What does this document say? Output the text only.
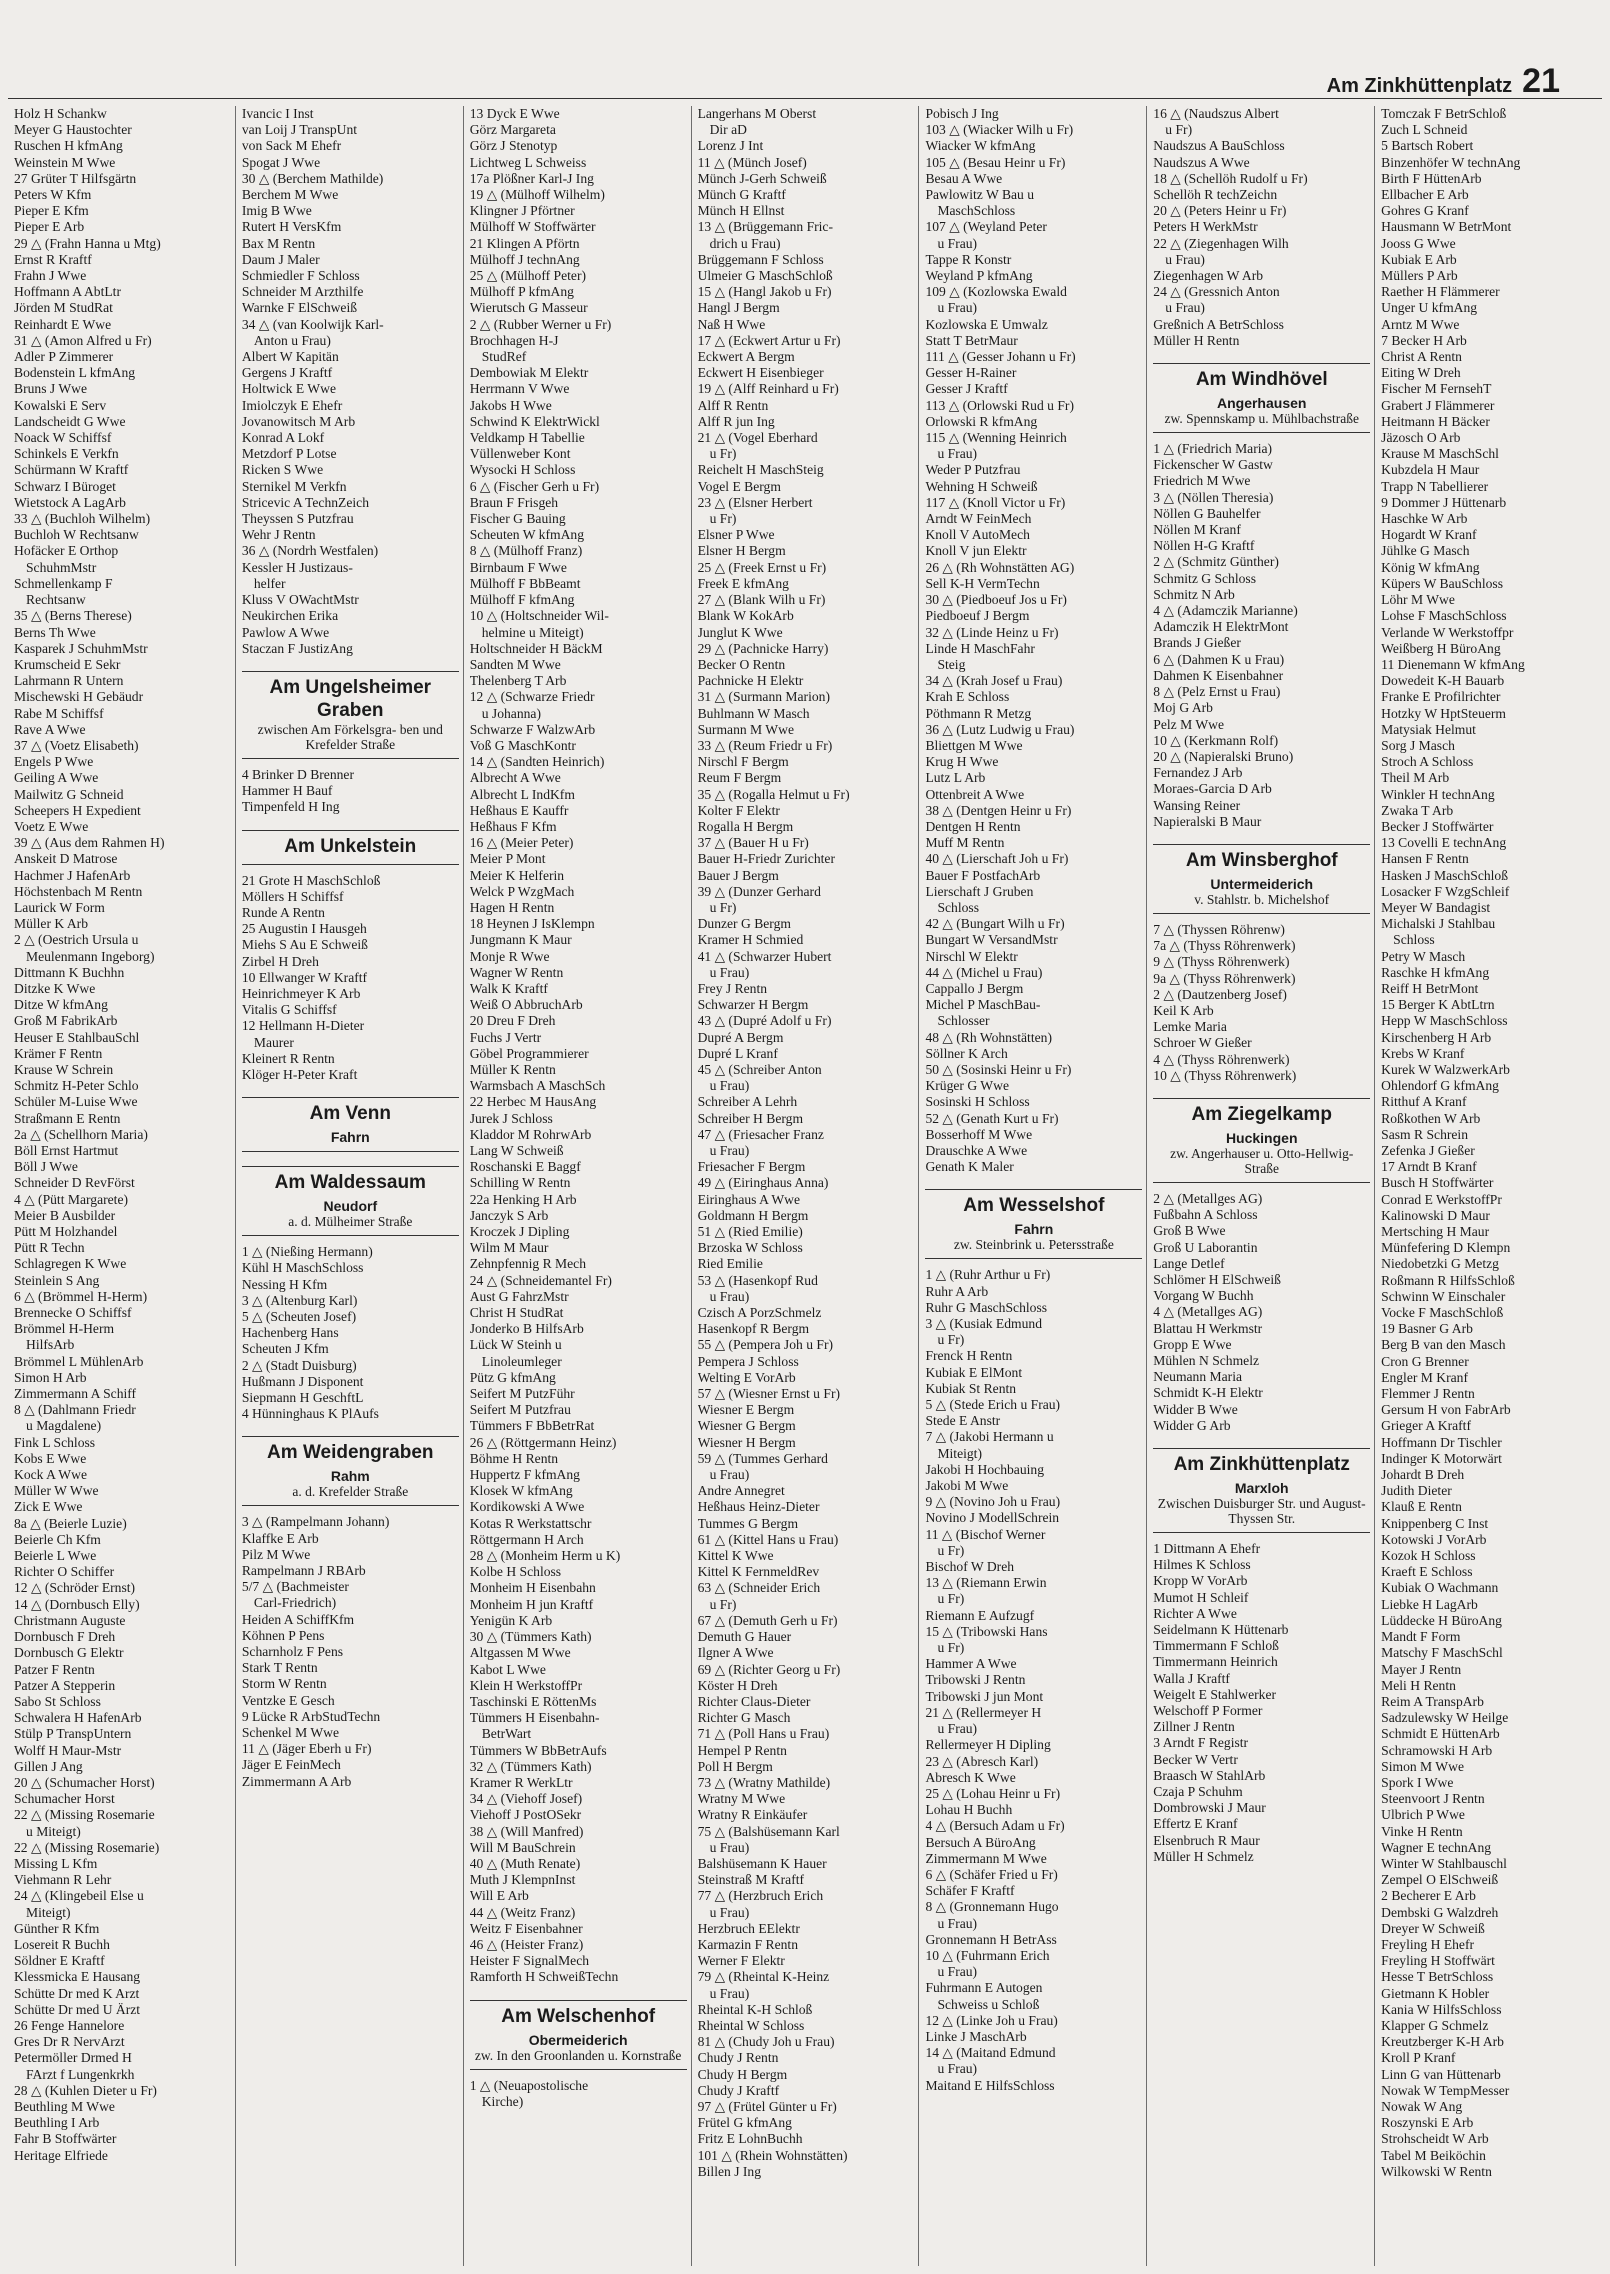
Am Zinkhüttenplatz 21
Holz H Schankw
Meyer G Haustochter
Ruschen H kfmAng
Weinstein M Wwe
27 Grüter T Hilfsgärtn
Peters W Kfm
Pieper E Kfm
Pieper E Arb
29 △ (Frahn Hanna u Mtg)
Ernst R Kraftf
Frahn J Wwe
Hoffmann A AbtLtr
Jörden M StudRat
Reinhardt E Wwe
31 △ (Amon Alfred u Fr)
Adler P Zimmerer
Bodenstein L kfmAng
Bruns J Wwe
Kowalski E Serv
Landscheidt G Wwe
Noack W Schiffsf
Schinkels E Verkfn
Schürmann W Kraftf
Schwarz I Büroget
Wietstock A LagArb
33 △ (Buchloh Wilhelm)
Buchloh W Rechtsanw
Hofäcker E Orthop
SchuhmMstr
Schmellenkamp F
Rechtsanw
35 △ (Berns Therese)
Berns Th Wwe
Kasparek J SchuhmMstr
Krumscheid E Sekr
Lahrmann R Untern
Mischewski H Gebäudr
Rabe M Schiffsf
Rave A Wwe
37 △ (Voetz Elisabeth)
Engels P Wwe
Geiling A Wwe
Mailwitz G Schneid
Scheepers H Expedient
Voetz E Wwe
39 △ (Aus dem Rahmen H)
Anskeit D Matrose
Hachmer J HafenArb
Höchstenbach M Rentn
Laurick W Form
Müller K Arb
2 △ (Oestrich Ursula u
Meulenmann Ingeborg)
Dittmann K Buchhn
Ditzke K Wwe
Ditze W kfmAng
Groß M FabrikArb
Heuser E StahlbauSchl
Krämer F Rentn
Krause W Schrein
Schmitz H-Peter Schlo
Schüler M-Luise Wwe
Straßmann E Rentn
2a △ (Schellhorn Maria)
Böll Ernst Hartmut
Böll J Wwe
Schneider D RevFörst
4 △ (Pütt Margarete)
Meier B Ausbilder
Pütt M Holzhandel
Pütt R Techn
Schlagregen K Wwe
Steinlein S Ang
6 △ (Brömmel H-Herm)
Brennecke O Schiffsf
Brömmel H-Herm
HilfsArb
Brömmel L MühlenArb
Simon H Arb
Zimmermann A Schiff
8 △ (Dahlmann Friedr
u Magdalene)
Fink L Schloss
Kobs E Wwe
Kock A Wwe
Müller W Wwe
Zick E Wwe
8a △ (Beierle Luzie)
Beierle Ch Kfm
Beierle L Wwe
Richter O Schiffer
12 △ (Schröder Ernst)
14 △ (Dornbusch Elly)
Christmann Auguste
Dornbusch F Dreh
Dornbusch G Elektr
Patzer F Rentn
Patzer A Stepperin
Sabo St Schloss
Schwalera H HafenArb
Stülp P TranspUntern
Wolff H Maur-Mstr
Gillen J Ang
20 △ (Schumacher Horst)
Schumacher Horst
22 △ (Missing Rosemarie
u Miteigt)
22 △ (Missing Rosemarie)
Missing L Kfm
Viehmann R Lehr
24 △ (Klingebeil Else u
Miteigt)
Günther R Kfm
Losereit R Buchh
Söldner E Kraftf
Klessmicka E Hausang
Schütte Dr med K Arzt
Schütte Dr med U Ärzt
26 Fenge Hannelore
Gres Dr R NervArzt
Petermöller Drmed H
FArzt f Lungenkrkh
28 △ (Kuhlen Dieter u Fr)
Beuthling M Wwe
Beuthling I Arb
Fahr B Stoffwärter
Heritage Elfriede
Ivancic I Inst
van Loij J TranspUnt
von Sack M Ehefr
Spogat J Wwe
30 △ (Berchem Mathilde)
Berchem M Wwe
Imig B Wwe
Rutert H VersKfm
Bax M Rentn
Daum J Maler
Schmiedler F Schloss
Schneider M Arzthilfe
Warnke F ElSchweiß
34 △ (van Koolwijk Karl-
Anton u Frau)
Albert W Kapitän
Gergens J Kraftf
Holtwick E Wwe
Imiolczyk E Ehefr
Jovanowitsch M Arb
Konrad A Lokf
Metzdorf P Lotse
Ricken S Wwe
Sternikel M Verkfn
Stricevic A TechnZeich
Theyssen S Putzfrau
Wehr J Rentn
36 △ (Nordrh Westfalen)
Kessler H Justizaus-
helfer
Kluss V OWachtMstr
Neukirchen Erika
Pawlow A Wwe
Staczan F JustizAng
Am Ungelsheimer Graben
zwischen Am Förkelsgra- ben und Krefelder Straße
4 Brinker D Brenner
Hammer H Bauf
Timpenfeld H Ing
Am Unkelstein
21 Grote H MaschSchloß
Möllers H Schiffsf
Runde A Rentn
25 Augustin I Hausgeh
Miehs S Au E Schweiß
Zirbel H Dreh
10 Ellwanger W Kraftf
Heinrichmeyer K Arb
Vitalis G Schiffsf
12 Hellmann H-Dieter
Maurer
Kleinert R Rentn
Klöger H-Peter Kraft
Am Venn
Fahrn
Am Waldessaum
Neudorf
a. d. Mülheimer Straße
1 △ (Nießing Hermann)
Kühl H MaschSchloss
Nessing H Kfm
3 △ (Altenburg Karl)
5 △ (Scheuten Josef)
Hachenberg Hans
Scheuten J Kfm
2 △ (Stadt Duisburg)
Hußmann J Disponent
Siepmann H GeschftL
4 Hünninghaus K PlAufs
Am Weidengraben
Rahm
a. d. Krefelder Straße
3 △ (Rampelmann Johann)
Klaffke E Arb
Pilz M Wwe
Rampelmann J RBArb
5/7 △ (Bachmeister
Carl-Friedrich)
Heiden A SchiffKfm
Köhnen P Pens
Scharnholz F Pens
Stark T Rentn
Storm W Rentn
Ventzke E Gesch
9 Lücke R ArbStudTechn
Schenkel M Wwe
11 △ (Jäger Eberh u Fr)
Jäger E FeinMech
Zimmermann A Arb
13 Dyck E Wwe
Görz Margareta
Görz J Stenotyp
Lichtweg L Schweiss
17a Plößner Karl-J Ing
19 △ (Mülhoff Wilhelm)
Klingner J Pförtner
Mülhoff W Stoffwärter
21 Klingen A Pförtn
Mülhoff J technAng
25 △ (Mülhoff Peter)
Mülhoff P kfmAng
Wierutsch G Masseur
2 △ (Rubber Werner u Fr)
Brochhagen H-J
StudRef
Dembowiak M Elektr
Herrmann V Wwe
Jakobs H Wwe
Schwind K ElektrWickl
Veldkamp H Tabellie
Vüllenweber Kont
Wysocki H Schloss
6 △ (Fischer Gerh u Fr)
Braun F Frisgeh
Fischer G Bauing
Scheuten W kfmAng
8 △ (Mülhoff Franz)
Birnbaum F Wwe
Mülhoff F BbBeamt
Mülhoff F kfmAng
10 △ (Holtschneider Wil-
helmine u Miteigt)
Holtschneider H BäckM
Sandten M Wwe
Thelenberg T Arb
12 △ (Schwarze Friedr
u Johanna)
Schwarze F WalzwArb
Voß G MaschKontr
14 △ (Sandten Heinrich)
Albrecht A Wwe
Albrecht L IndKfm
Heßhaus E Kauffr
Heßhaus F Kfm
16 △ (Meier Peter)
Meier P Mont
Meier K Helferin
Welck P WzgMach
Hagen H Rentn
18 Heynen J IsKlempn
Jungmann K Maur
Monje R Wwe
Wagner W Rentn
Walk K Kraftf
Weiß O AbbruchArb
20 Dreu F Dreh
Fuchs J Vertr
Göbel Programmierer
Müller K Rentn
Warmsbach A MaschSch
22 Herbec M HausAng
Jurek J Schloss
Kladdor M RohrwArb
Lang W Schweiß
Roschanski E Baggf
Schilling W Rentn
22a Henking H Arb
Janczyk S Arb
Kroczek J Dipling
Wilm M Maur
Zehnpfennig R Mech
24 △ (Schneidemantel Fr)
Aust G FahrzMstr
Christ H StudRat
Jonderko B HilfsArb
Lück W Steinh u
Linoleumleger
Pütz G kfmAng
Seifert M PutzFühr
Seifert M Putzfrau
Tümmers F BbBetrRat
26 △ (Röttgermann Heinz)
Böhme H Rentn
Huppertz F kfmAng
Klosek W kfmAng
Kordikowski A Wwe
Kotas R Werkstattschr
Röttgermann H Arch
28 △ (Monheim Herm u K)
Kolbe H Schloss
Monheim H Eisenbahn
Monheim H jun Kraftf
Yenigün K Arb
30 △ (Tümmers Kath)
Altgassen M Wwe
Kabot L Wwe
Klein H WerkstoffPr
Taschinski E RöttenMs
Tümmers H Eisenbahn-
BetrWart
Tümmers W BbBetrAufs
32 △ (Tümmers Kath)
Kramer R WerkLtr
34 △ (Viehoff Josef)
Viehoff J PostOSekr
38 △ (Will Manfred)
Will M BauSchrein
40 △ (Muth Renate)
Muth J KlempnInst
Will E Arb
44 △ (Weitz Franz)
Weitz F Eisenbahner
46 △ (Heister Franz)
Heister F SignalMech
Ramforth H SchweißTechn
Am Welschenhof
Obermeiderich
zw. In den Groonlanden u. Kornstraße
1 △ (Neuapostolische
Kirche)
Langerhans M Oberst
Dir aD
Lorenz J Int
11 △ (Münch Josef)
Münch J-Gerh Schweiß
Münch G Kraftf
Münch H Ellnst
13 △ (Brüggemann Fric-
drich u Frau)
Brüggemann F Schloss
Ulmeier G MaschSchloß
15 △ (Hangl Jakob u Fr)
Hangl J Bergm
Naß H Wwe
17 △ (Eckwert Artur u Fr)
Eckwert A Bergm
Eckwert H Eisenbieger
19 △ (Alff Reinhard u Fr)
Alff R Rentn
Alff R jun Ing
21 △ (Vogel Eberhard
u Fr)
Reichelt H MaschSteig
Vogel E Bergm
23 △ (Elsner Herbert
u Fr)
Elsner P Wwe
Elsner H Bergm
25 △ (Freek Ernst u Fr)
Freek E kfmAng
27 △ (Blank Wilh u Fr)
Blank W KokArb
Junglut K Wwe
29 △ (Pachnicke Harry)
Becker O Rentn
Pachnicke H Elektr
31 △ (Surmann Marion)
Buhlmann W Masch
Surmann M Wwe
33 △ (Reum Friedr u Fr)
Nirschl F Bergm
Reum F Bergm
35 △ (Rogalla Helmut u Fr)
Kolter F Elektr
Rogalla H Bergm
37 △ (Bauer H u Fr)
Bauer H-Friedr Zurichter
Bauer J Bergm
39 △ (Dunzer Gerhard
u Fr)
Dunzer G Bergm
Kramer H Schmied
41 △ (Schwarzer Hubert
u Frau)
Frey J Rentn
Schwarzer H Bergm
43 △ (Dupré Adolf u Fr)
Dupré A Bergm
Dupré L Kranf
45 △ (Schreiber Anton
u Frau)
Schreiber A Lehrh
Schreiber H Bergm
47 △ (Friesacher Franz
u Frau)
Friesacher F Bergm
49 △ (Eiringhaus Anna)
Eiringhaus A Wwe
Goldmann H Bergm
51 △ (Ried Emilie)
Brzoska W Schloss
Ried Emilie
53 △ (Hasenkopf Rud
u Frau)
Czisch A PorzSchmelz
Hasenkopf R Bergm
55 △ (Pempera Joh u Fr)
Pempera J Schloss
Welting E VorArb
57 △ (Wiesner Ernst u Fr)
Wiesner E Bergm
Wiesner G Bergm
Wiesner H Bergm
59 △ (Tummes Gerhard
u Frau)
Andre Annegret
Heßhaus Heinz-Dieter
Tummes G Bergm
61 △ (Kittel Hans u Frau)
Kittel K Wwe
Kittel K FernmeldRev
63 △ (Schneider Erich
u Fr)
67 △ (Demuth Gerh u Fr)
Demuth G Hauer
Ilgner A Wwe
69 △ (Richter Georg u Fr)
Köster H Dreh
Richter Claus-Dieter
Richter G Masch
71 △ (Poll Hans u Frau)
Hempel P Rentn
Poll H Bergm
73 △ (Wratny Mathilde)
Wratny M Wwe
Wratny R Einkäufer
75 △ (Balshüsemann Karl
u Frau)
Balshüsemann K Hauer
Steinstraß M Kraftf
77 △ (Herzbruch Erich
u Frau)
Herzbruch EElektr
Karmazin F Rentn
Werner F Elektr
79 △ (Rheintal K-Heinz
u Frau)
Rheintal K-H Schloß
Rheintal W Schloss
81 △ (Chudy Joh u Frau)
Chudy J Rentn
Chudy H Bergm
Chudy J Kraftf
97 △ (Frütel Günter u Fr)
Frütel G kfmAng
Fritz E LohnBuchh
101 △ (Rhein Wohnstätten)
Billen J Ing
Pobisch J Ing
103 △ (Wiacker Wilh u Fr)
Wiacker W kfmAng
105 △ (Besau Heinr u Fr)
Besau A Wwe
Pawlowitz W Bau u
MaschSchloss
107 △ (Weyland Peter
u Frau)
Tappe R Konstr
Weyland P kfmAng
109 △ (Kozlowska Ewald
u Frau)
Kozlowska E Umwalz
Statt T BetrMaur
111 △ (Gesser Johann u Fr)
Gesser H-Rainer
Gesser J Kraftf
113 △ (Orlowski Rud u Fr)
Orlowski R kfmAng
115 △ (Wenning Heinrich
u Frau)
Weder P Putzfrau
Wehning H Schweiß
117 △ (Knoll Victor u Fr)
Arndt W FeinMech
Knoll V AutoMech
Knoll V jun Elektr
26 △ (Rh Wohnstätten AG)
Sell K-H VermTechn
30 △ (Piedboeuf Jos u Fr)
Piedboeuf J Bergm
32 △ (Linde Heinz u Fr)
Linde H MaschFahr
Steig
34 △ (Krah Josef u Frau)
Krah E Schloss
Pöthmann R Metzg
36 △ (Lutz Ludwig u Frau)
Bliettgen M Wwe
Krug H Wwe
Lutz L Arb
Ottenbreit A Wwe
38 △ (Dentgen Heinr u Fr)
Dentgen H Rentn
Muff M Rentn
40 △ (Lierschaft Joh u Fr)
Bauer F PostfachArb
Lierschaft J Gruben
Schloss
42 △ (Bungart Wilh u Fr)
Bungart W VersandMstr
Nirschl W Elektr
44 △ (Michel u Frau)
Cappallo J Bergm
Michel P MaschBau-
Schlosser
48 △ (Rh Wohnstätten)
Söllner K Arch
50 △ (Sosinski Heinr u Fr)
Krüger G Wwe
Sosinski H Schloss
52 △ (Genath Kurt u Fr)
Bosserhoff M Wwe
Drauschke A Wwe
Genath K Maler
Am Wesselshof
Fahrn
zw. Steinbrink u. Petersstraße
1 △ (Ruhr Arthur u Fr)
Ruhr A Arb
Ruhr G MaschSchloss
3 △ (Kusiak Edmund
u Fr)
Frenck H Rentn
Kubiak E ElMont
Kubiak St Rentn
5 △ (Stede Erich u Frau)
Stede E Anstr
7 △ (Jakobi Hermann u
Miteigt)
Jakobi H Hochbauing
Jakobi M Wwe
9 △ (Novino Joh u Frau)
Novino J ModellSchrein
11 △ (Bischof Werner
u Fr)
Bischof W Dreh
13 △ (Riemann Erwin
u Fr)
Riemann E Aufzugf
15 △ (Tribowski Hans
u Fr)
Hammer A Wwe
Tribowski J Rentn
Tribowski J jun Mont
21 △ (Rellermeyer H
u Frau)
Rellermeyer H Dipling
23 △ (Abresch Karl)
Abresch K Wwe
25 △ (Lohau Heinr u Fr)
Lohau H Buchh
4 △ (Bersuch Adam u Fr)
Bersuch A BüroAng
Zimmermann M Wwe
6 △ (Schäfer Fried u Fr)
Schäfer F Kraftf
8 △ (Gronnemann Hugo
u Frau)
Gronnemann H BetrAss
10 △ (Fuhrmann Erich
u Frau)
Fuhrmann E Autogen
Schweiss u Schloß
12 △ (Linke Joh u Frau)
Linke J MaschArb
14 △ (Maitand Edmund
u Frau)
Maitand E HilfsSchloss
16 △ (Naudszus Albert
u Fr)
Naudszus A BauSchloss
Naudszus A Wwe
18 △ (Schellöh Rudolf u Fr)
Schellöh R techZeichn
20 △ (Peters Heinr u Fr)
Peters H WerkMstr
22 △ (Ziegenhagen Wilh
u Frau)
Ziegenhagen W Arb
24 △ (Gressnich Anton
u Frau)
Greßnich A BetrSchloss
Müller H Rentn
Am Windhövel
Angerhausen
zw. Spennskamp u. Mühlbachstraße
1 △ (Friedrich Maria)
Fickenscher W Gastw
Friedrich M Wwe
3 △ (Nöllen Theresia)
Nöllen G Bauhelfer
Nöllen M Kranf
Nöllen H-G Kraftf
2 △ (Schmitz Günther)
Schmitz G Schloss
Schmitz N Arb
4 △ (Adamczik Marianne)
Adamczik H ElektrMont
Brands J Gießer
6 △ (Dahmen K u Frau)
Dahmen K Eisenbahner
8 △ (Pelz Ernst u Frau)
Moj G Arb
Pelz M Wwe
10 △ (Kerkmann Rolf)
20 △ (Napieralski Bruno)
Fernandez J Arb
Moraes-Garcia D Arb
Wansing Reiner
Napieralski B Maur
Am Winsberghof
Untermeiderich
v. Stahlstr. b. Michelshof
7 △ (Thyssen Röhrenw)
7a △ (Thyss Röhrenwerk)
9 △ (Thyss Röhrenwerk)
9a △ (Thyss Röhrenwerk)
2 △ (Dautzenberg Josef)
Keil K Arb
Lemke Maria
Schroer W Gießer
4 △ (Thyss Röhrenwerk)
10 △ (Thyss Röhrenwerk)
Am Ziegelkamp
Huckingen
zw. Angerhauser u. Otto-Hellwig-Straße
2 △ (Metallges AG)
Fußbahn A Schloss
Groß B Wwe
Groß U Laborantin
Lange Detlef
Schlömer H ElSchweiß
Vorgang W Buchh
4 △ (Metallges AG)
Blattau H Werkmstr
Gropp E Wwe
Mühlen N Schmelz
Neumann Maria
Schmidt K-H Elektr
Widder B Wwe
Widder G Arb
Am Zinkhüttenplatz
Marxloh
Zwischen Duisburger Str. und August-Thyssen Str.
1 Dittmann A Ehefr
Hilmes K Schloss
Kropp W VorArb
Mumot H Schleif
Richter A Wwe
Seidelmann K Hüttenarb
Timmermann F Schloß
Timmermann Heinrich
Walla J Kraftf
Weigelt E Stahlwerker
Welschoff P Former
Zillner J Rentn
3 Arndt F Registr
Becker W Vertr
Braasch W StahlArb
Czaja P Schuhm
Dombrowski J Maur
Effertz E Kranf
Elsenbruch R Maur
Müller H Schmelz
Tomczak F BetrSchloß
Zuch L Schneid
5 Bartsch Robert
Binzenhöfer W technAng
Birth F HüttenArb
Ellbacher E Arb
Gohres G Kranf
Hausmann W BetrMont
Jooss G Wwe
Kubiak E Arb
Müllers P Arb
Raether H Flämmerer
Unger U kfmAng
Arntz M Wwe
7 Becker H Arb
Christ A Rentn
Eiting W Dreh
Fischer M FernsehT
Grabert J Flämmerer
Heitmann H Bäcker
Jäzosch O Arb
Krause M MaschSchl
Kubzdela H Maur
Trapp N Tabellierer
9 Dommer J Hüttenarb
Haschke W Arb
Hogardt W Kranf
Jühlke G Masch
König W kfmAng
Küpers W BauSchloss
Löhr M Wwe
Lohse F MaschSchloss
Verlande W Werkstoffpr
Weißberg H BüroAng
11 Dienemann W kfmAng
Dowedeit K-H Bauarb
Franke E Profilrichter
Hotzky W HptSteuerm
Matysiak Helmut
Sorg J Masch
Stroch A Schloss
Theil M Arb
Winkler H technAng
Zwaka T Arb
Becker J Stoffwärter
13 Covelli E technAng
Hansen F Rentn
Hasken J MaschSchloß
Losacker F WzgSchleif
Meyer W Bandagist
Michalski J Stahlbau
Schloss
Petry W Masch
Raschke H kfmAng
Reiff H BetrMont
15 Berger K AbtLtrn
Hepp W MaschSchloss
Kirschenberg H Arb
Krebs W Kranf
Kurek W WalzwerkArb
Ohlendorf G kfmAng
Ritthuf A Kranf
Roßkothen W Arb
Sasm R Schrein
Zefenka J Gießer
17 Arndt B Kranf
Busch H Stoffwärter
Conrad E WerkstoffPr
Kalinowski D Maur
Mertsching H Maur
Münfefering D Klempn
Niedobetzki G Metzg
Roßmann R HilfsSchloß
Schwinn W Einschaler
Vocke F MaschSchloß
19 Basner G Arb
Berg B van den Masch
Cron G Brenner
Engler M Kranf
Flemmer J Rentn
Gersum H von FabrArb
Grieger A Kraftf
Hoffmann Dr Tischler
Indinger K Motorwärt
Johardt B Dreh
Judith Dieter
Klauß E Rentn
Knippenberg C Inst
Kotowski J VorArb
Kozok H Schloss
Kraeft E Schloss
Kubiak O Wachmann
Liebke H LagArb
Lüddecke H BüroAng
Mandt F Form
Matschy F MaschSchl
Mayer J Rentn
Meli H Rentn
Reim A TranspArb
Sadzulewsky W Heilge
Schmidt E HüttenArb
Schramowski H Arb
Simon M Wwe
Spork I Wwe
Steenvoort J Rentn
Ulbrich P Wwe
Vinke H Rentn
Wagner E technAng
Winter W Stahlbauschl
Zempel O ElSchweiß
2 Becherer E Arb
Dembski G Walzdreh
Dreyer W Schweiß
Freyling H Ehefr
Freyling H Stoffwärt
Hesse T BetrSchloss
Gietmann K Hobler
Kania W HilfsSchloss
Klapper G Schmelz
Kreutzberger K-H Arb
Kroll P Kranf
Linn G van Hüttenarb
Nowak W TempMesser
Nowak W Ang
Roszynski E Arb
Strohscheidt W Arb
Tabel M Beiköchin
Wilkowski W Rentn
